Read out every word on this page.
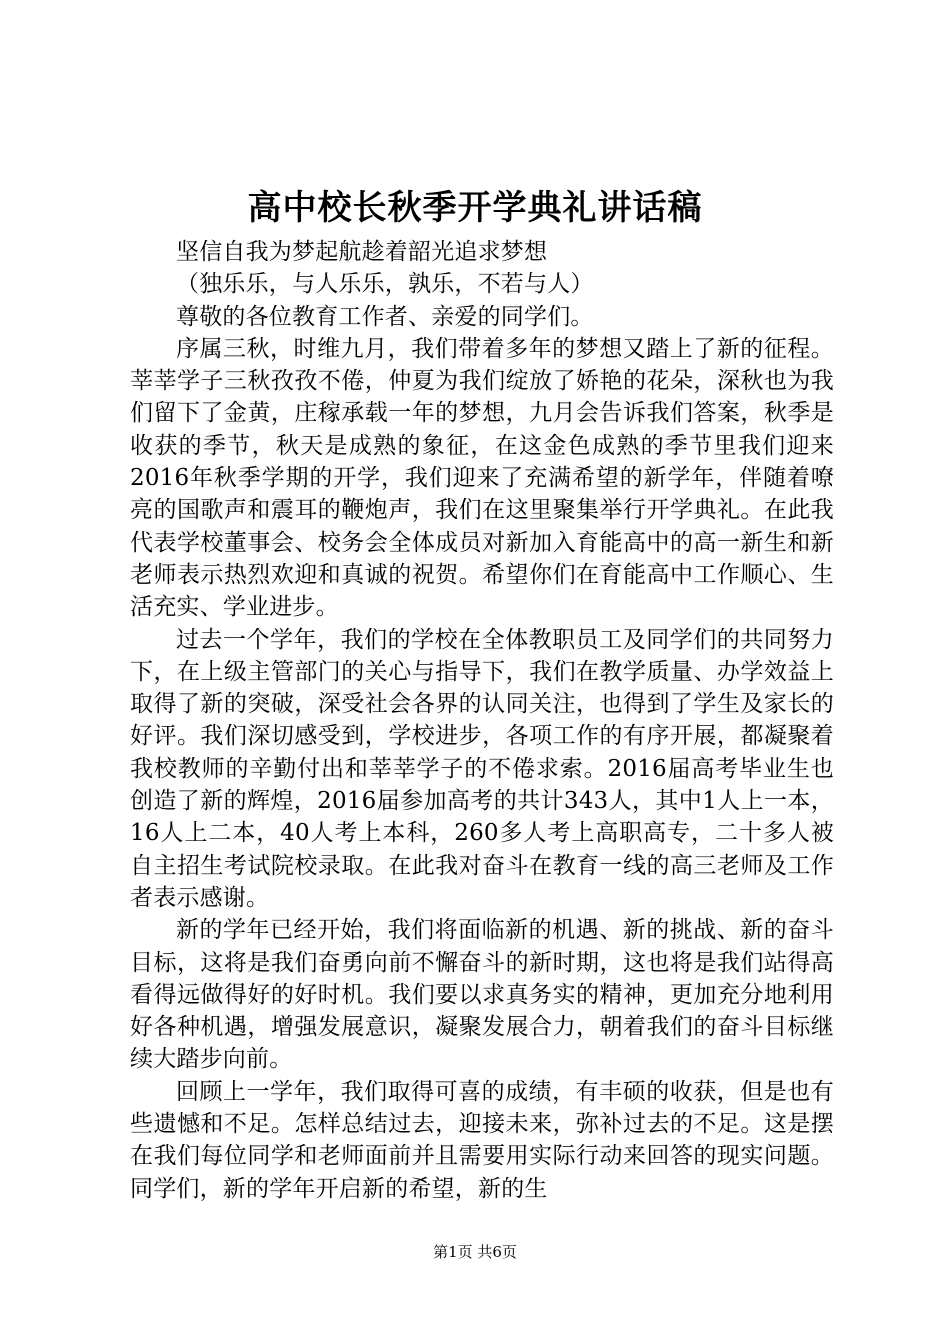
高中校长秋季开学典礼讲话稿

坚信自我为梦起航趁着韶光追求梦想

（独乐乐，与人乐乐，孰乐，不若与人）

尊敬的各位教育工作者、亲爱的同学们。

序属三秋，时维九月，我们带着多年的梦想又踏上了新的征程。莘莘学子三秋孜孜不倦，仲夏为我们绽放了娇艳的花朵，深秋也为我们留下了金黄，庄稼承载一年的梦想，九月会告诉我们答案，秋季是收获的季节，秋天是成熟的象征，在这金色成熟的季节里我们迎来2016年秋季学期的开学，我们迎来了充满希望的新学年，伴随着嘹亮的国歌声和震耳的鞭炮声，我们在这里聚集举行开学典礼。在此我代表学校董事会、校务会全体成员对新加入育能高中的高一新生和新老师表示热烈欢迎和真诚的祝贺。希望你们在育能高中工作顺心、生活充实、学业进步。

过去一个学年，我们的学校在全体教职员工及同学们的共同努力下，在上级主管部门的关心与指导下，我们在教学质量、办学效益上取得了新的突破，深受社会各界的认同关注，也得到了学生及家长的好评。我们深切感受到，学校进步，各项工作的有序开展，都凝聚着我校教师的辛勤付出和莘莘学子的不倦求索。2016届高考毕业生也创造了新的辉煌，2016届参加高考的共计343人，其中1人上一本，16人上二本，40人考上本科，260多人考上高职高专，二十多人被自主招生考试院校录取。在此我对奋斗在教育一线的高三老师及工作者表示感谢。

新的学年已经开始，我们将面临新的机遇、新的挑战、新的奋斗目标，这将是我们奋勇向前不懈奋斗的新时期，这也将是我们站得高看得远做得好的好时机。我们要以求真务实的精神，更加充分地利用好各种机遇，增强发展意识，凝聚发展合力，朝着我们的奋斗目标继续大踏步向前。

回顾上一学年，我们取得可喜的成绩，有丰硕的收获，但是也有些遗憾和不足。怎样总结过去，迎接未来，弥补过去的不足。这是摆在我们每位同学和老师面前并且需要用实际行动来回答的现实问题。同学们，新的学年开启新的希望，新的生

第1页 共6页
